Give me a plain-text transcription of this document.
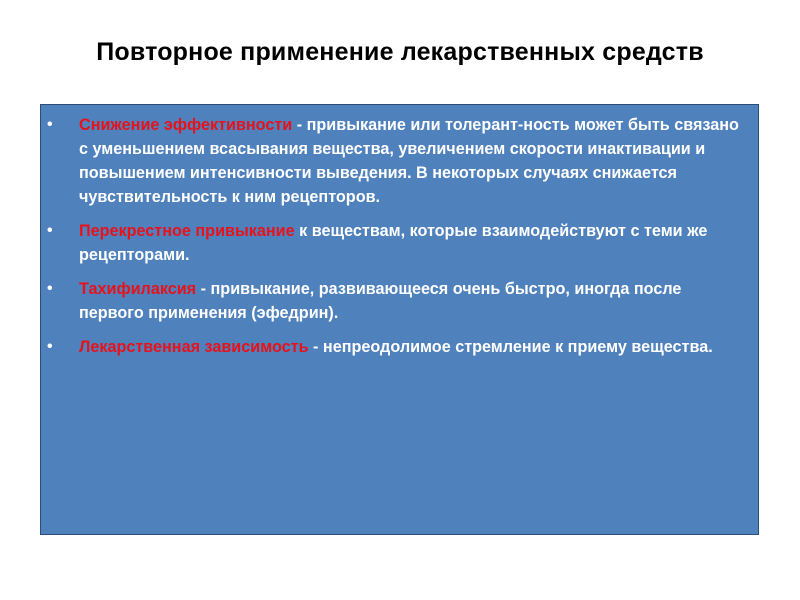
Повторное применение лекарственных средств
• Снижение эффективности - привыкание или толерант-ность может быть связано с уменьшением всасывания вещества, увеличением скорости инактивации и повышением интенсивности выведения. В некоторых случаях снижается чувствительность к ним рецепторов.
• Перекрестное привыкание к веществам, которые взаимодействуют с теми же рецепторами.
• Тахифилаксия - привыкание, развивающееся очень быстро, иногда после первого применения (эфедрин).
• Лекарственная зависимость - непреодолимое стремление к приему вещества.
